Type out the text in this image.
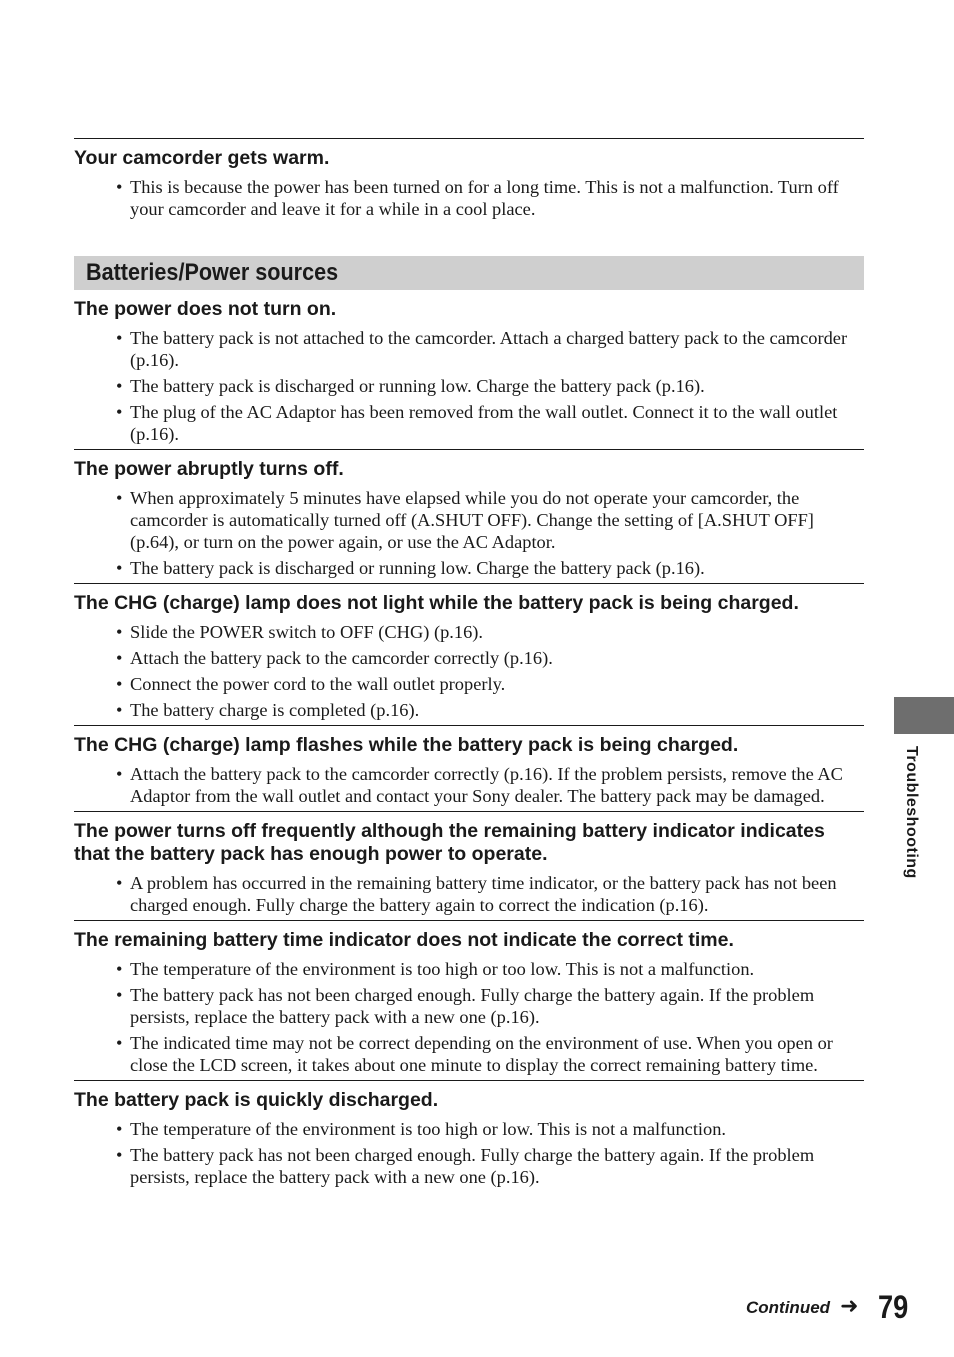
Your camcorder gets warm.
• This is because the power has been turned on for a long time. This is not a malfunction. Turn off your camcorder and leave it for a while in a cool place.
Batteries/Power sources
The power does not turn on.
• The battery pack is not attached to the camcorder. Attach a charged battery pack to the camcorder (p.16).
• The battery pack is discharged or running low. Charge the battery pack (p.16).
• The plug of the AC Adaptor has been removed from the wall outlet. Connect it to the wall outlet (p.16).
The power abruptly turns off.
• When approximately 5 minutes have elapsed while you do not operate your camcorder, the camcorder is automatically turned off (A.SHUT OFF). Change the setting of [A.SHUT OFF] (p.64), or turn on the power again, or use the AC Adaptor.
• The battery pack is discharged or running low. Charge the battery pack (p.16).
The CHG (charge) lamp does not light while the battery pack is being charged.
• Slide the POWER switch to OFF (CHG) (p.16).
• Attach the battery pack to the camcorder correctly (p.16).
• Connect the power cord to the wall outlet properly.
• The battery charge is completed (p.16).
The CHG (charge) lamp flashes while the battery pack is being charged.
• Attach the battery pack to the camcorder correctly (p.16). If the problem persists, remove the AC Adaptor from the wall outlet and contact your Sony dealer. The battery pack may be damaged.
The power turns off frequently although the remaining battery indicator indicates that the battery pack has enough power to operate.
• A problem has occurred in the remaining battery time indicator, or the battery pack has not been charged enough. Fully charge the battery again to correct the indication (p.16).
The remaining battery time indicator does not indicate the correct time.
• The temperature of the environment is too high or too low. This is not a malfunction.
• The battery pack has not been charged enough. Fully charge the battery again. If the problem persists, replace the battery pack with a new one (p.16).
• The indicated time may not be correct depending on the environment of use. When you open or close the LCD screen, it takes about one minute to display the correct remaining battery time.
The battery pack is quickly discharged.
• The temperature of the environment is too high or low. This is not a malfunction.
• The battery pack has not been charged enough. Fully charge the battery again. If the problem persists, replace the battery pack with a new one (p.16).
Troubleshooting
Continued ➜ 79
